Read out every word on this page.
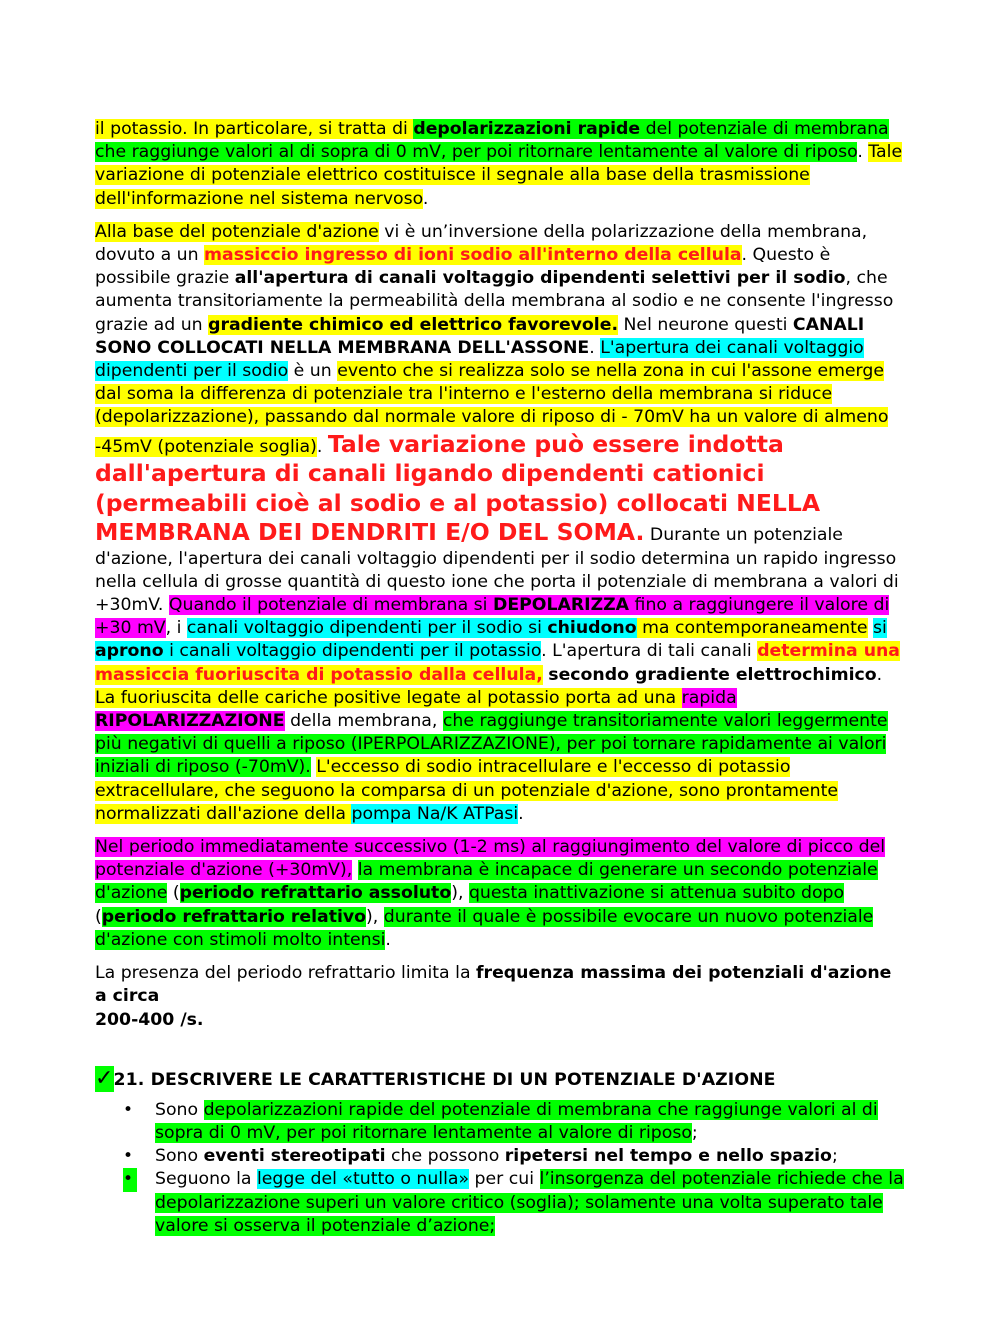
il potassio. In particolare, si tratta di depolarizzazioni rapide del potenziale di membrana che raggiunge valori al di sopra di 0 mV, per poi ritornare lentamente al valore di riposo. Tale variazione di potenziale elettrico costituisce il segnale alla base della trasmissione dell'informazione nel sistema nervoso.

Alla base del potenziale d'azione vi è un’inversione della polarizzazione della membrana, dovuto a un massiccio ingresso di ioni sodio all'interno della cellula. Questo è possibile grazie all'apertura di canali voltaggio dipendenti selettivi per il sodio, che aumenta transitoriamente la permeabilità della membrana al sodio e ne consente l'ingresso grazie ad un gradiente chimico ed elettrico favorevole. Nel neurone questi CANALI SONO COLLOCATI NELLA MEMBRANA DELL'ASSONE. L'apertura dei canali voltaggio dipendenti per il sodio è un evento che si realizza solo se nella zona in cui l'assone emerge dal soma la differenza di potenziale tra l'interno e l'esterno della membrana si riduce (depolarizzazione), passando dal normale valore di riposo di - 70mV ha un valore di almeno -45mV (potenziale soglia). Tale variazione può essere indotta dall'apertura di canali ligando dipendenti cationici (permeabili cioè al sodio e al potassio) collocati NELLA MEMBRANA DEI DENDRITI E/O DEL SOMA. Durante un potenziale d'azione, l'apertura dei canali voltaggio dipendenti per il sodio determina un rapido ingresso nella cellula di grosse quantità di questo ione che porta il potenziale di membrana a valori di +30mV. Quando il potenziale di membrana si DEPOLARIZZA fino a raggiungere il valore di +30 mV, i canali voltaggio dipendenti per il sodio si chiudono ma contemporaneamente si aprono i canali voltaggio dipendenti per il potassio. L'apertura di tali canali determina una massiccia fuoriuscita di potassio dalla cellula, secondo gradiente elettrochimico. La fuoriuscita delle cariche positive legate al potassio porta ad una rapida RIPOLARIZZAZIONE della membrana, che raggiunge transitoriamente valori leggermente più negativi di quelli a riposo (IPERPOLARIZZAZIONE), per poi tornare rapidamente ai valori iniziali di riposo (-70mV). L'eccesso di sodio intracellulare e l'eccesso di potassio extracellulare, che seguono la comparsa di un potenziale d'azione, sono prontamente normalizzati dall'azione della pompa Na/K ATPasi.

Nel periodo immediatamente successivo (1-2 ms) al raggiungimento del valore di picco del potenziale d'azione (+30mV), la membrana è incapace di generare un secondo potenziale d'azione (periodo refrattario assoluto), questa inattivazione si attenua subito dopo (periodo refrattario relativo), durante il quale è possibile evocare un nuovo potenziale d'azione con stimoli molto intensi.

La presenza del periodo refrattario limita la frequenza massima dei potenziali d'azione a circa
200-400 /s.

✓21. DESCRIVERE LE CARATTERISTICHE DI UN POTENZIALE D'AZIONE
• Sono depolarizzazioni rapide del potenziale di membrana che raggiunge valori al di sopra di 0 mV, per poi ritornare lentamente al valore di riposo;
• Sono eventi stereotipati che possono ripetersi nel tempo e nello spazio;
• Seguono la legge del «tutto o nulla» per cui l’insorgenza del potenziale richiede che la depolarizzazione superi un valore critico (soglia); solamente una volta superato tale valore si osserva il potenziale d’azione;
